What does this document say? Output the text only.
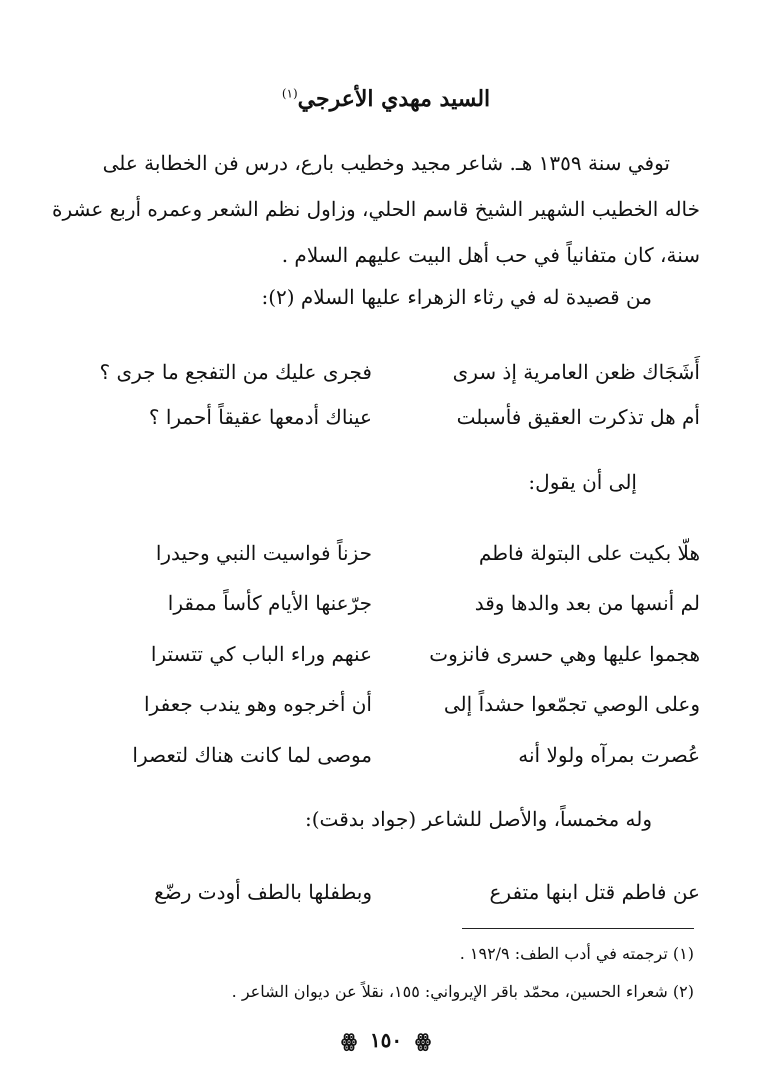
السيد مهدي الأعرجي$^{(١)}$
توفي سنة ١٣٥٩ هـ. شاعر مجيد وخطيب بارع، درس فن الخطابة على
خاله الخطيب الشهير الشيخ قاسم الحلي، وزاول نظم الشعر وعمره أربع عشرة
سنة، كان متفانياً في حب أهل البيت عليهم السلام .
من قصيدة له في رثاء الزهراء عليها السلام (٢):
أَشَجَاك ظعن العامرية إذ سرى
فجرى عليك من التفجع ما جرى ؟
أم هل تذكرت العقيق فأسبلت
عيناك أدمعها عقيقاً أحمرا ؟
إلى أن يقول:
هلّا بكيت على البتولة فاطم
حزناً فواسيت النبي وحيدرا
لم أنسها من بعد والدها وقد
جرّعنها الأيام كأساً ممقرا
هجموا عليها وهي حسرى فانزوت
عنهم وراء الباب كي تتسترا
وعلى الوصي تجمّعوا حشداً إلى
أن أخرجوه وهو يندب جعفرا
عُصرت بمرآه ولولا أنه
موصى لما كانت هناك لتعصرا
وله مخمساً، والأصل للشاعر (جواد بدقت):
عن فاطم قتل ابنها متفرع
وبطفلها بالطف أودت رضّع
(١) ترجمته في أدب الطف: ١٩٢/٩ .
(٢) شعراء الحسين، محمّد باقر الإيرواني: ١٥٥، نقلاً عن ديوان الشاعر .
ꙮ ١٥٠ ꙮ
